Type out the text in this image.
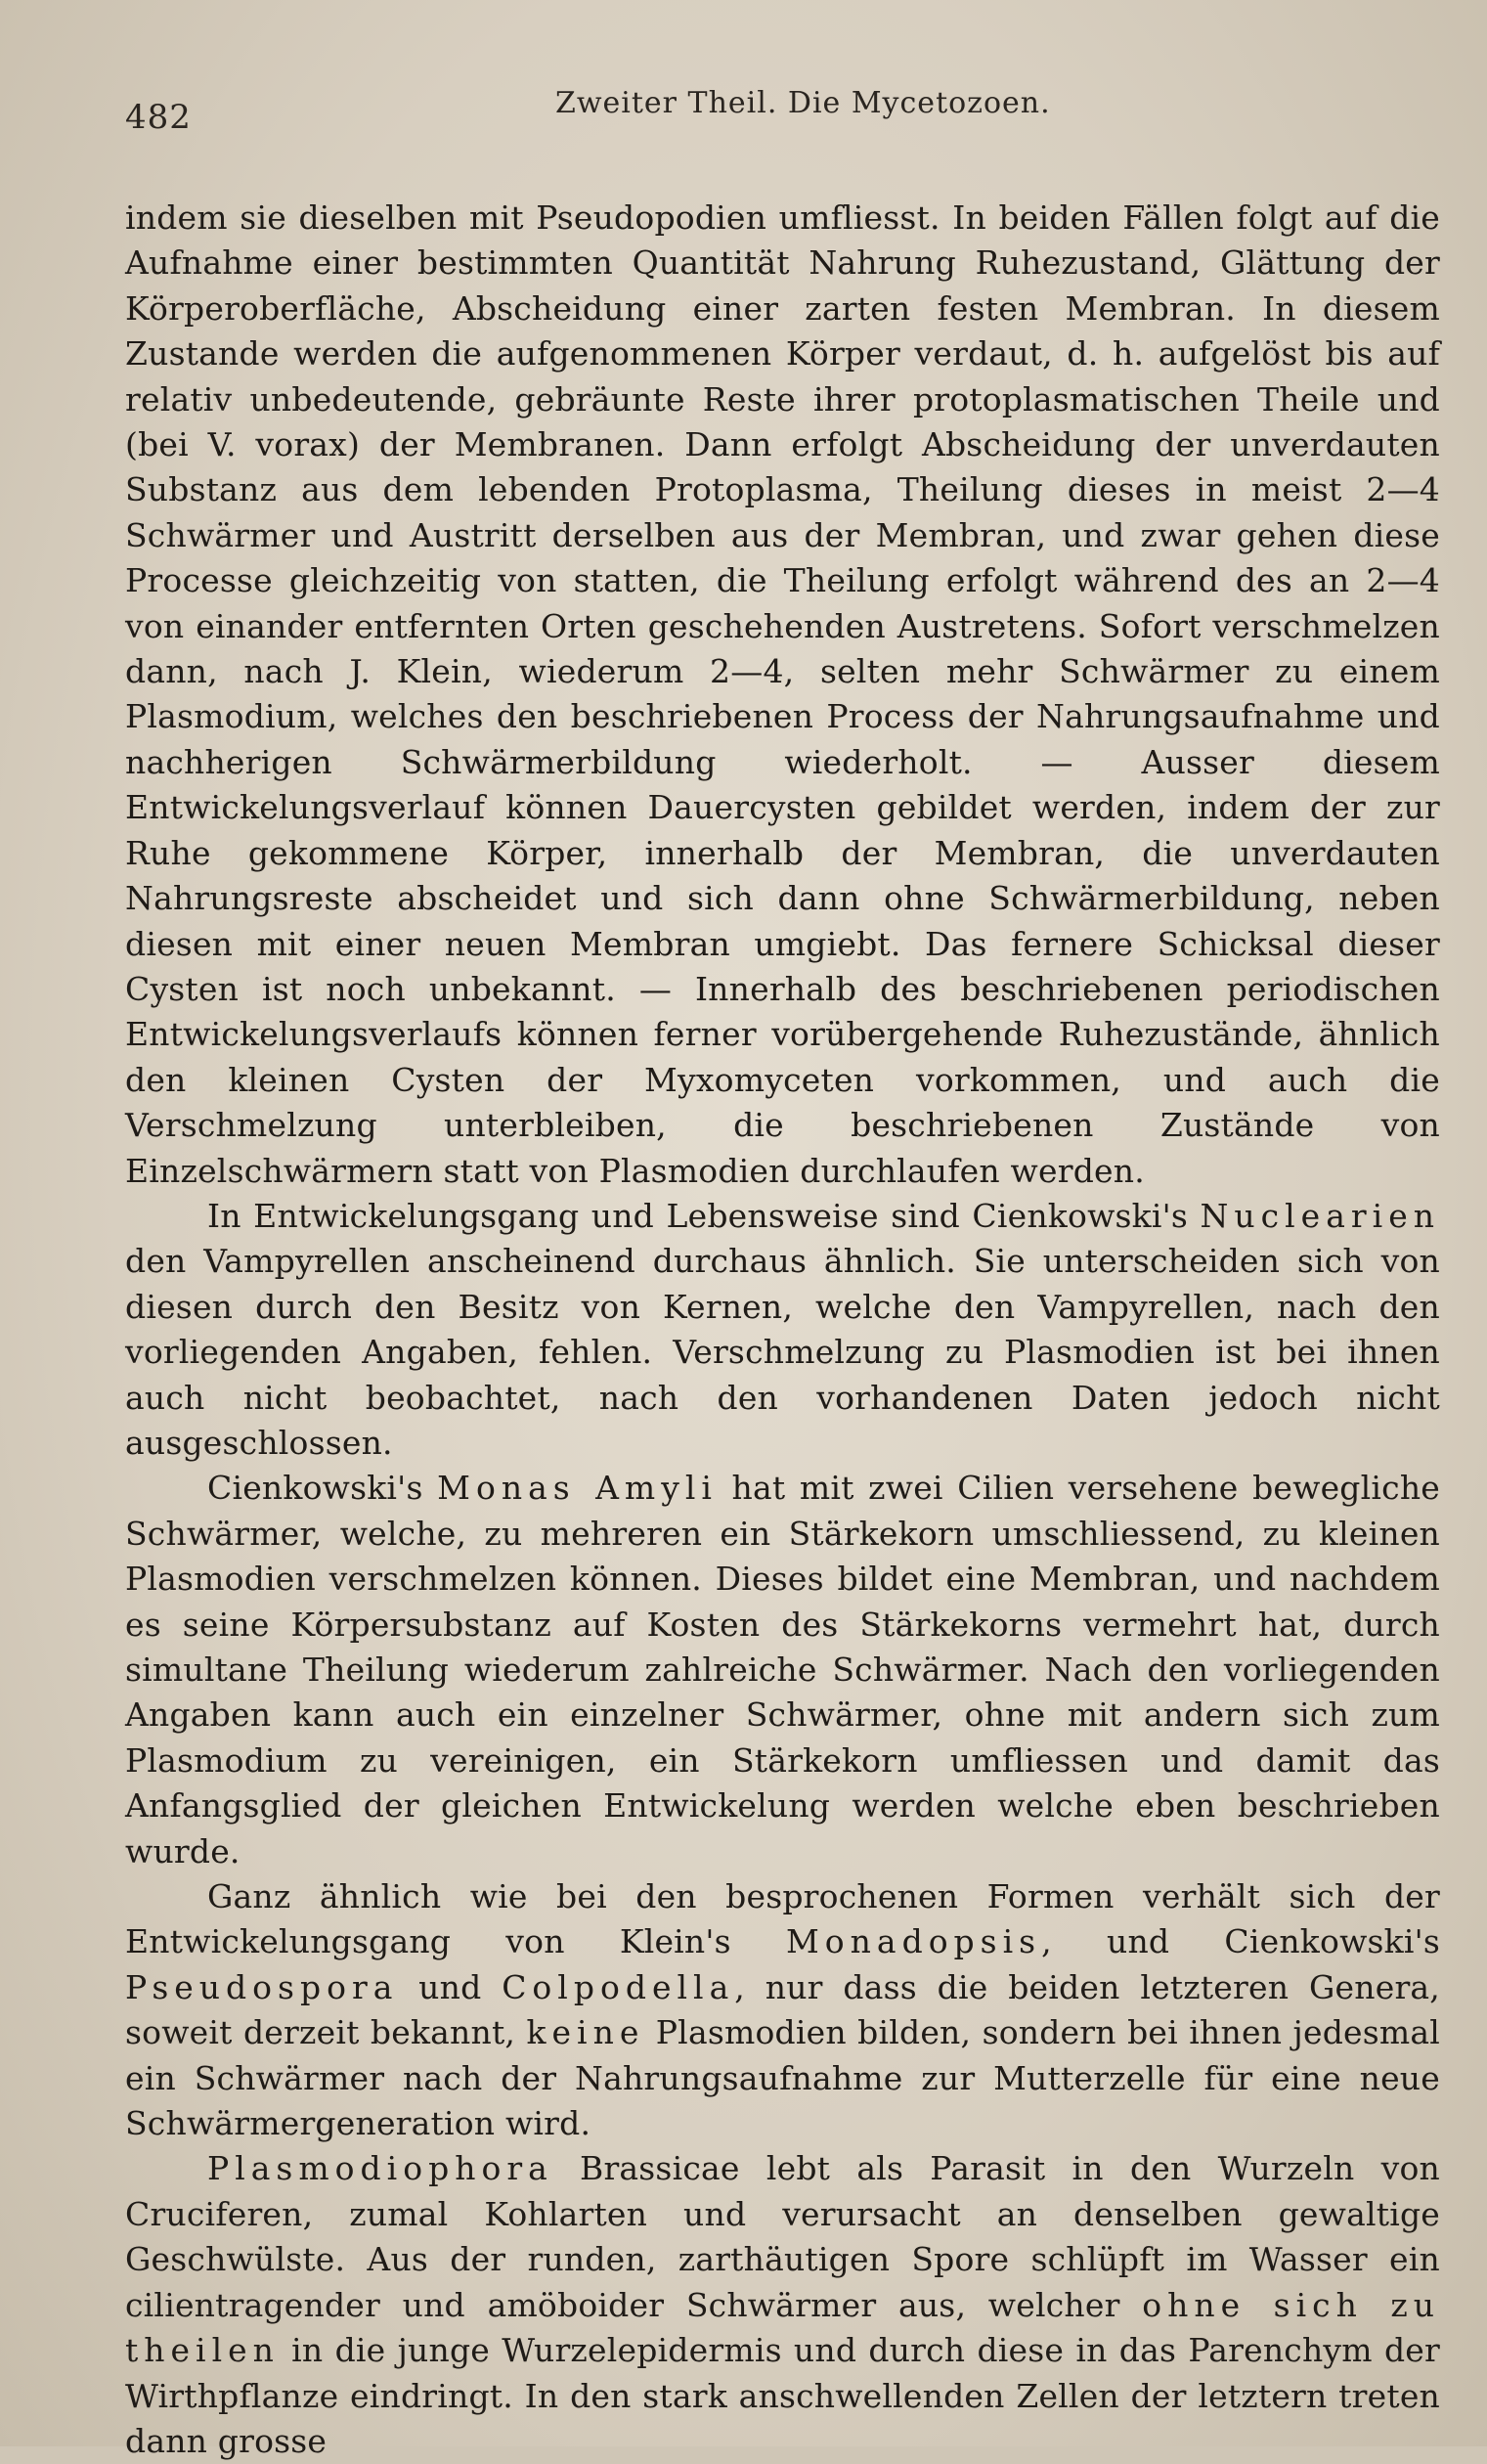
482	Zweiter Theil. Die Mycetozoen.

indem sie dieselben mit Pseudopodien umfliesst. In beiden Fällen folgt auf die Aufnahme einer bestimmten Quantität Nahrung Ruhezustand, Glättung der Körperoberfläche, Abscheidung einer zarten festen Membran. In diesem Zustande werden die aufgenommenen Körper verdaut, d. h. aufgelöst bis auf relativ unbedeutende, gebräunte Reste ihrer protoplasmatischen Theile und (bei V. vorax) der Membranen. Dann erfolgt Abscheidung der unverdauten Substanz aus dem lebenden Protoplasma, Theilung dieses in meist 2—4 Schwärmer und Austritt derselben aus der Membran, und zwar gehen diese Processe gleichzeitig von statten, die Theilung erfolgt während des an 2—4 von einander entfernten Orten geschehenden Austretens. Sofort verschmelzen dann, nach J. Klein, wiederum 2—4, selten mehr Schwärmer zu einem Plasmodium, welches den beschriebenen Process der Nahrungsaufnahme und nachherigen Schwärmerbildung wiederholt. — Ausser diesem Entwickelungsverlauf können Dauercysten gebildet werden, indem der zur Ruhe gekommene Körper, innerhalb der Membran, die unverdauten Nahrungsreste abscheidet und sich dann ohne Schwärmerbildung, neben diesen mit einer neuen Membran umgiebt. Das fernere Schicksal dieser Cysten ist noch unbekannt. — Innerhalb des beschriebenen periodischen Entwickelungsverlaufs können ferner vorübergehende Ruhezustände, ähnlich den kleinen Cysten der Myxomyceten vorkommen, und auch die Verschmelzung unterbleiben, die beschriebenen Zustände von Einzelschwärmern statt von Plasmodien durchlaufen werden.

In Entwickelungsgang und Lebensweise sind Cienkowski's Nuclearien den Vampyrellen anscheinend durchaus ähnlich. Sie unterscheiden sich von diesen durch den Besitz von Kernen, welche den Vampyrellen, nach den vorliegenden Angaben, fehlen. Verschmelzung zu Plasmodien ist bei ihnen auch nicht beobachtet, nach den vorhandenen Daten jedoch nicht ausgeschlossen.

Cienkowski's Monas Amyli hat mit zwei Cilien versehene bewegliche Schwärmer, welche, zu mehreren ein Stärkekorn umschliessend, zu kleinen Plasmodien verschmelzen können. Dieses bildet eine Membran, und nachdem es seine Körpersubstanz auf Kosten des Stärkekorns vermehrt hat, durch simultane Theilung wiederum zahlreiche Schwärmer. Nach den vorliegenden Angaben kann auch ein einzelner Schwärmer, ohne mit andern sich zum Plasmodium zu vereinigen, ein Stärkekorn umfliessen und damit das Anfangsglied der gleichen Entwickelung werden welche eben beschrieben wurde.

Ganz ähnlich wie bei den besprochenen Formen verhält sich der Entwickelungsgang von Klein's Monadopsis, und Cienkowski's Pseudospora und Colpodella, nur dass die beiden letzteren Genera, soweit derzeit bekannt, keine Plasmodien bilden, sondern bei ihnen jedesmal ein Schwärmer nach der Nahrungsaufnahme zur Mutterzelle für eine neue Schwärmergeneration wird.

Plasmodiophora Brassicae lebt als Parasit in den Wurzeln von Cruciferen, zumal Kohlarten und verursacht an denselben gewaltige Geschwülste. Aus der runden, zarthäutigen Spore schlüpft im Wasser ein cilientragender und amöboider Schwärmer aus, welcher ohne sich zu theilen in die junge Wurzelepidermis und durch diese in das Parenchym der Wirthpflanze eindringt. In den stark anschwellenden Zellen der letztern treten dann grosse
